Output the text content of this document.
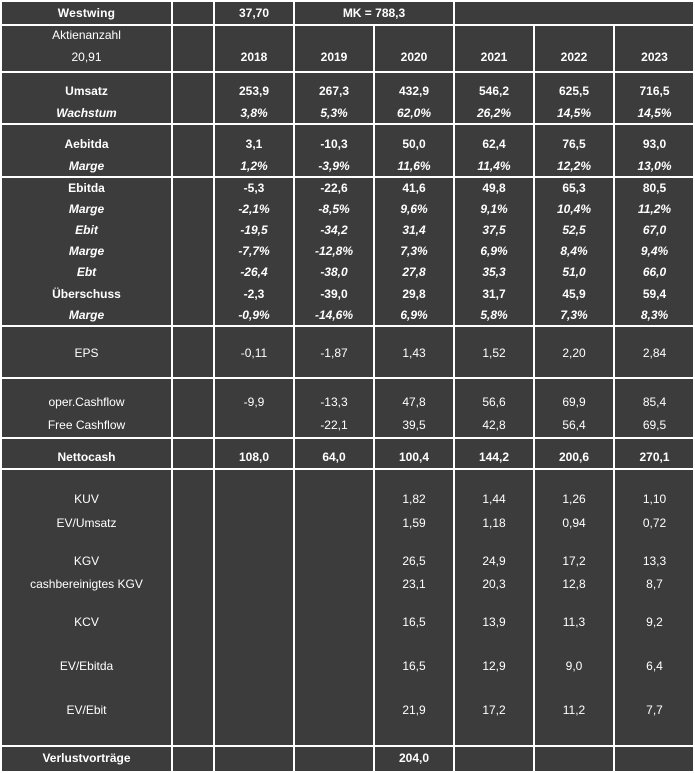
Westwing		37,70	MK = 788,3				
Aktienanzahl							
20,91		2018	2019	2020	2021	2022	2023

Umsatz		253,9	267,3	432,9	546,2	625,5	716,5
Wachstum		3,8%	5,3%	62,0%	26,2%	14,5%	14,5%

Aebitda		3,1	-10,3	50,0	62,4	76,5	93,0
Marge		1,2%	-3,9%	11,6%	11,4%	12,2%	13,0%
Ebitda		-5,3	-22,6	41,6	49,8	65,3	80,5
Marge		-2,1%	-8,5%	9,6%	9,1%	10,4%	11,2%
Ebit		-19,5	-34,2	31,4	37,5	52,5	67,0
Marge		-7,7%	-12,8%	7,3%	6,9%	8,4%	9,4%
Ebt		-26,4	-38,0	27,8	35,3	51,0	66,0
Überschuss		-2,3	-39,0	29,8	31,7	45,9	59,4
Marge		-0,9%	-14,6%	6,9%	5,8%	7,3%	8,3%

EPS		-0,11	-1,87	1,43	1,52	2,20	2,84

oper.Cashflow		-9,9	-13,3	47,8	56,6	69,9	85,4
Free Cashflow			-22,1	39,5	42,8	56,4	69,5

Nettocash		108,0	64,0	100,4	144,2	200,6	270,1

KUV				1,82	1,44	1,26	1,10
EV/Umsatz				1,59	1,18	0,94	0,72

KGV				26,5	24,9	17,2	13,3
cashbereinigtes KGV				23,1	20,3	12,8	8,7

KCV				16,5	13,9	11,3	9,2

EV/Ebitda				16,5	12,9	9,0	6,4

EV/Ebit				21,9	17,2	11,2	7,7

Verlustvorträge				204,0			
